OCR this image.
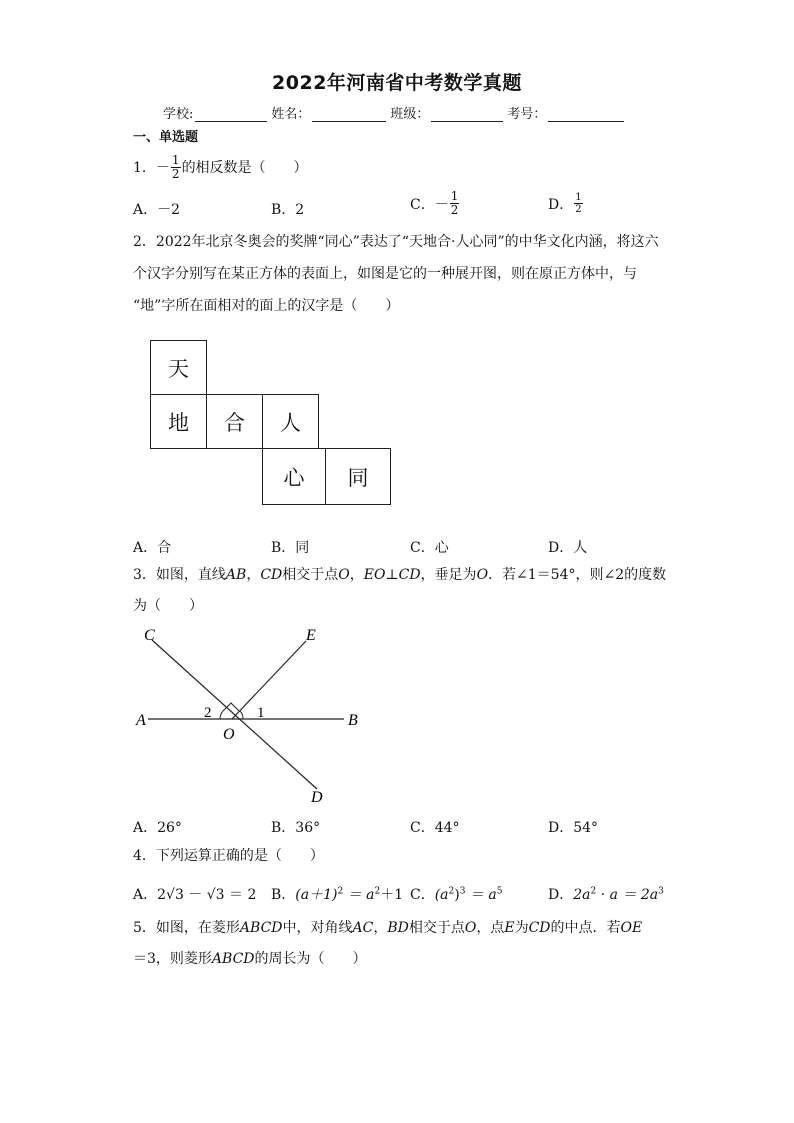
2022年河南省中考数学真题
学校:	姓名：	班级：	考号：
一、单选题
1． － $\frac{1}{2}$ 的相反数是（　　）
A．－2	B．2	C．－ $\frac{1}{2}$	D． $\frac{1}{2}$
2．2022年北京冬奥会的奖牌“同心”表达了“天地合·人心同”的中华文化内涵，将这六
个汉字分别写在某正方体的表面上，如图是它的一种展开图，则在原正方体中，与
“地”字所在面相对的面上的汉字是（　　）
天
地	合	人
心	同
A．合	B．同	C．心	D．人
3．如图，直线AB，CD相交于点O，EO⊥CD，垂足为O．若∠1＝54°，则∠2的度数
为（　　）
C	E
A	B
O
D
2	1
A．26°	B．36°	C．44°	D．54°
4．下列运算正确的是（　　）
A．2√3 － √3 ＝ 2 B．$(a+1)^2 = a^2+1$ C．$(a^2)^3 = a^5$	D．$2a^2 \cdot a = 2a^3$
5．如图，在菱形ABCD中，对角线AC，BD相交于点O，点E为CD的中点．若OE
＝3，则菱形ABCD的周长为（　　）
